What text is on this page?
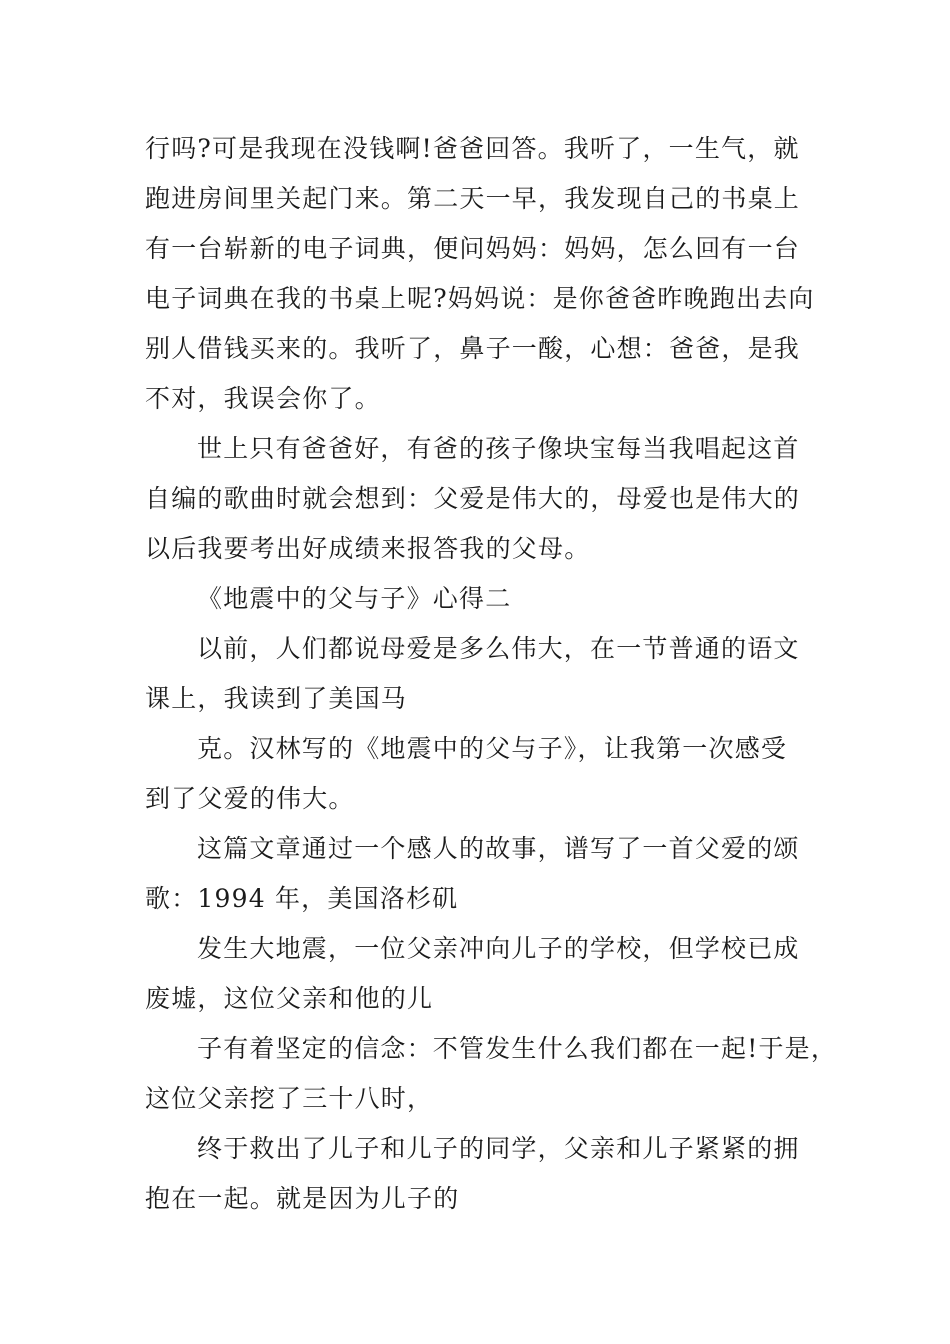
行吗?可是我现在没钱啊!爸爸回答。我听了，一生气，就
跑进房间里关起门来。第二天一早，我发现自己的书桌上
有一台崭新的电子词典，便问妈妈：妈妈，怎么回有一台
电子词典在我的书桌上呢?妈妈说：是你爸爸昨晚跑出去向
别人借钱买来的。我听了，鼻子一酸，心想：爸爸，是我
不对，我误会你了。

世上只有爸爸好，有爸的孩子像块宝每当我唱起这首
自编的歌曲时就会想到：父爱是伟大的，母爱也是伟大的
以后我要考出好成绩来报答我的父母。

《地震中的父与子》心得二

以前，人们都说母爱是多么伟大，在一节普通的语文
课上，我读到了美国马

克。汉林写的《地震中的父与子》，让我第一次感受
到了父爱的伟大。

这篇文章通过一个感人的故事，谱写了一首父爱的颂
歌：1994 年，美国洛杉矶

发生大地震，一位父亲冲向儿子的学校，但学校已成
废墟，这位父亲和他的儿

子有着坚定的信念：不管发生什么我们都在一起!于是，
这位父亲挖了三十八时，

终于救出了儿子和儿子的同学，父亲和儿子紧紧的拥
抱在一起。就是因为儿子的
